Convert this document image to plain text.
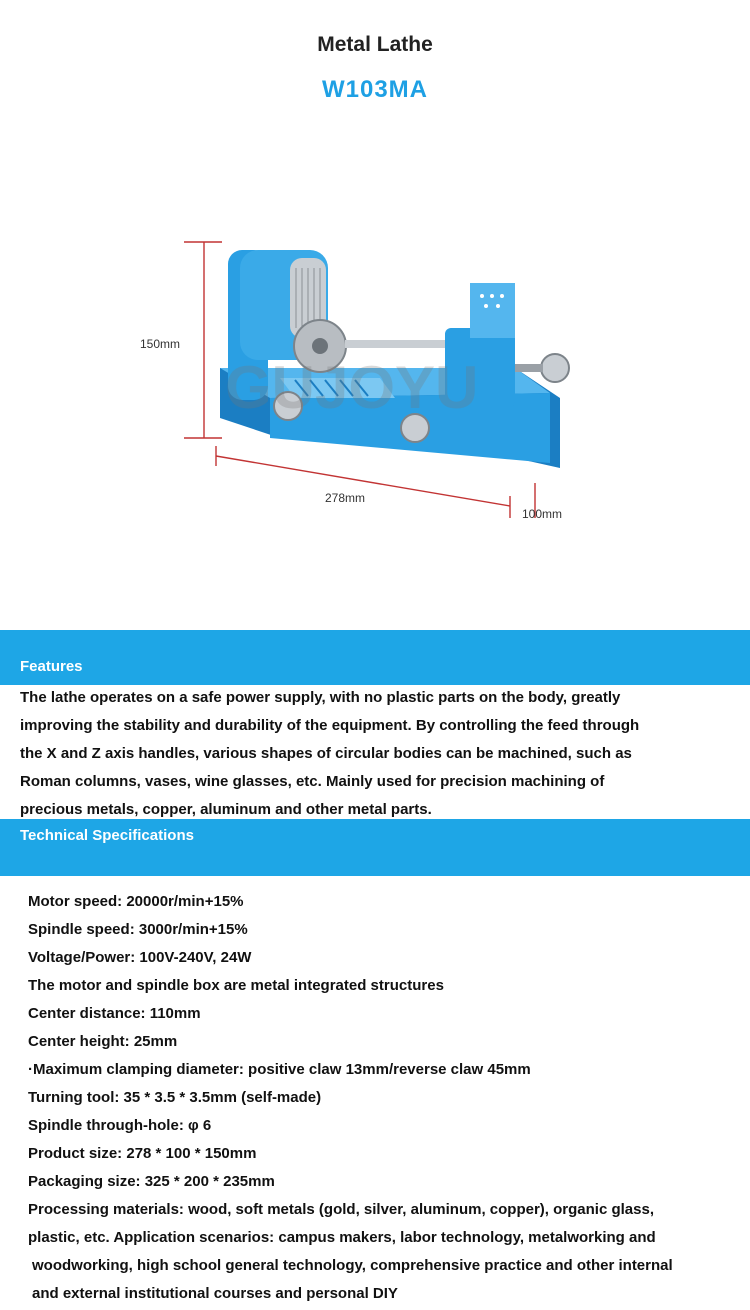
Metal Lathe
W103MA
150mm
278mm
100mm
GUJOYU
Features

The lathe operates on a safe power supply, with no plastic parts on the body, greatly

improving the stability and durability of the equipment. By controlling the feed through

the X and Z axis handles, various shapes of circular bodies can be machined, such as

Roman columns, vases, wine glasses, etc. Mainly used for precision machining of

precious metals, copper, aluminum and other metal parts.

Technical Specifications
Motor speed: 20000r/min+15%
Spindle speed: 3000r/min+15%
Voltage/Power: 100V-240V, 24W
The motor and spindle box are metal integrated structures
Center distance: 110mm
Center height: 25mm
·Maximum clamping diameter: positive claw 13mm/reverse claw 45mm
Turning tool: 35 * 3.5 * 3.5mm (self-made)
Spindle through-hole: φ 6
Product size: 278 * 100 * 150mm
Packaging size: 325 * 200 * 235mm
Processing materials: wood, soft metals (gold, silver, aluminum, copper), organic glass,
plastic, etc. Application scenarios: campus makers, labor technology, metalworking and
woodworking, high school general technology, comprehensive practice and other internal
and external institutional courses and personal DIY
